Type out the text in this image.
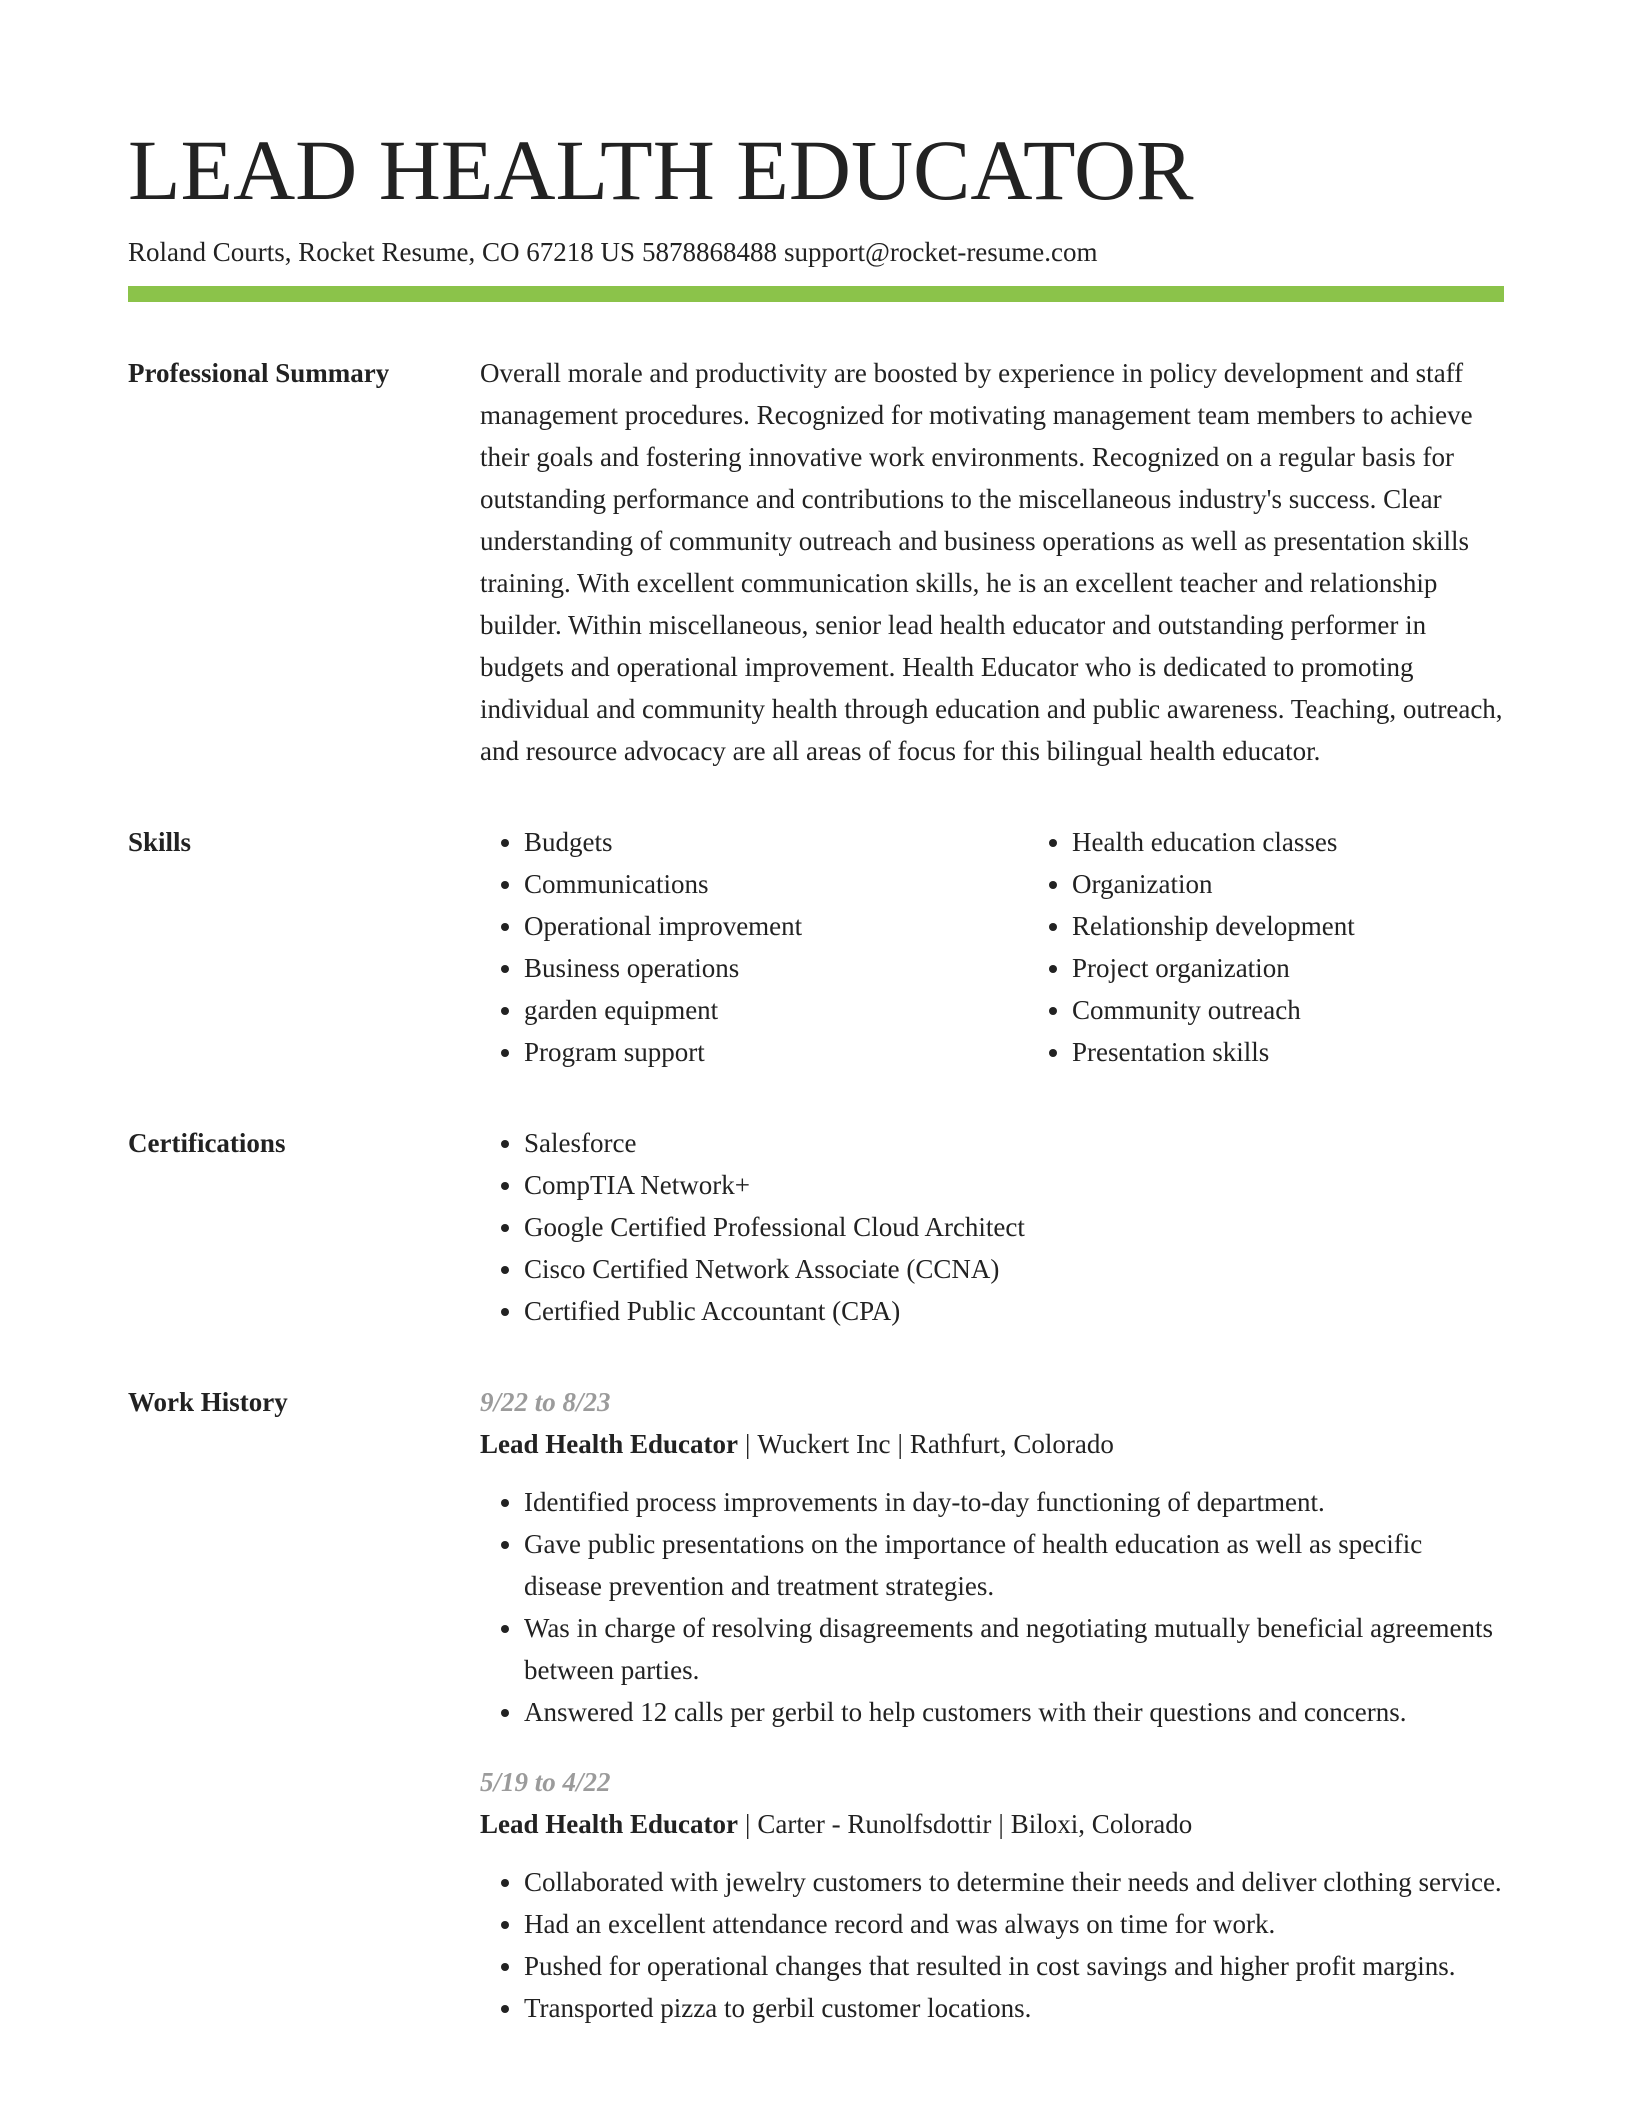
LEAD HEALTH EDUCATOR
Roland Courts, Rocket Resume, CO 67218 US 5878868488 support@rocket-resume.com
Professional Summary	Overall morale and productivity are boosted by experience in policy development and staff management procedures. Recognized for motivating management team members to achieve their goals and fostering innovative work environments. Recognized on a regular basis for outstanding performance and contributions to the miscellaneous industry's success. Clear understanding of community outreach and business operations as well as presentation skills training. With excellent communication skills, he is an excellent teacher and relationship builder. Within miscellaneous, senior lead health educator and outstanding performer in budgets and operational improvement. Health Educator who is dedicated to promoting individual and community health through education and public awareness. Teaching, outreach, and resource advocacy are all areas of focus for this bilingual health educator.

Skills	• Budgets
• Communications
• Operational improvement
• Business operations
• garden equipment
• Program support
• Health education classes
• Organization
• Relationship development
• Project organization
• Community outreach
• Presentation skills
Certifications	• Salesforce
• CompTIA Network+
• Google Certified Professional Cloud Architect
• Cisco Certified Network Associate (CCNA)
• Certified Public Accountant (CPA)
Work History	9/22 to 8/23
Lead Health Educator | Wuckert Inc | Rathfurt, Colorado
• Identified process improvements in day-to-day functioning of department.
• Gave public presentations on the importance of health education as well as specific disease prevention and treatment strategies.
• Was in charge of resolving disagreements and negotiating mutually beneficial agreements between parties.
• Answered 12 calls per gerbil to help customers with their questions and concerns.
5/19 to 4/22
Lead Health Educator | Carter - Runolfsdottir | Biloxi, Colorado
• Collaborated with jewelry customers to determine their needs and deliver clothing service.
• Had an excellent attendance record and was always on time for work.
• Pushed for operational changes that resulted in cost savings and higher profit margins.
• Transported pizza to gerbil customer locations.
